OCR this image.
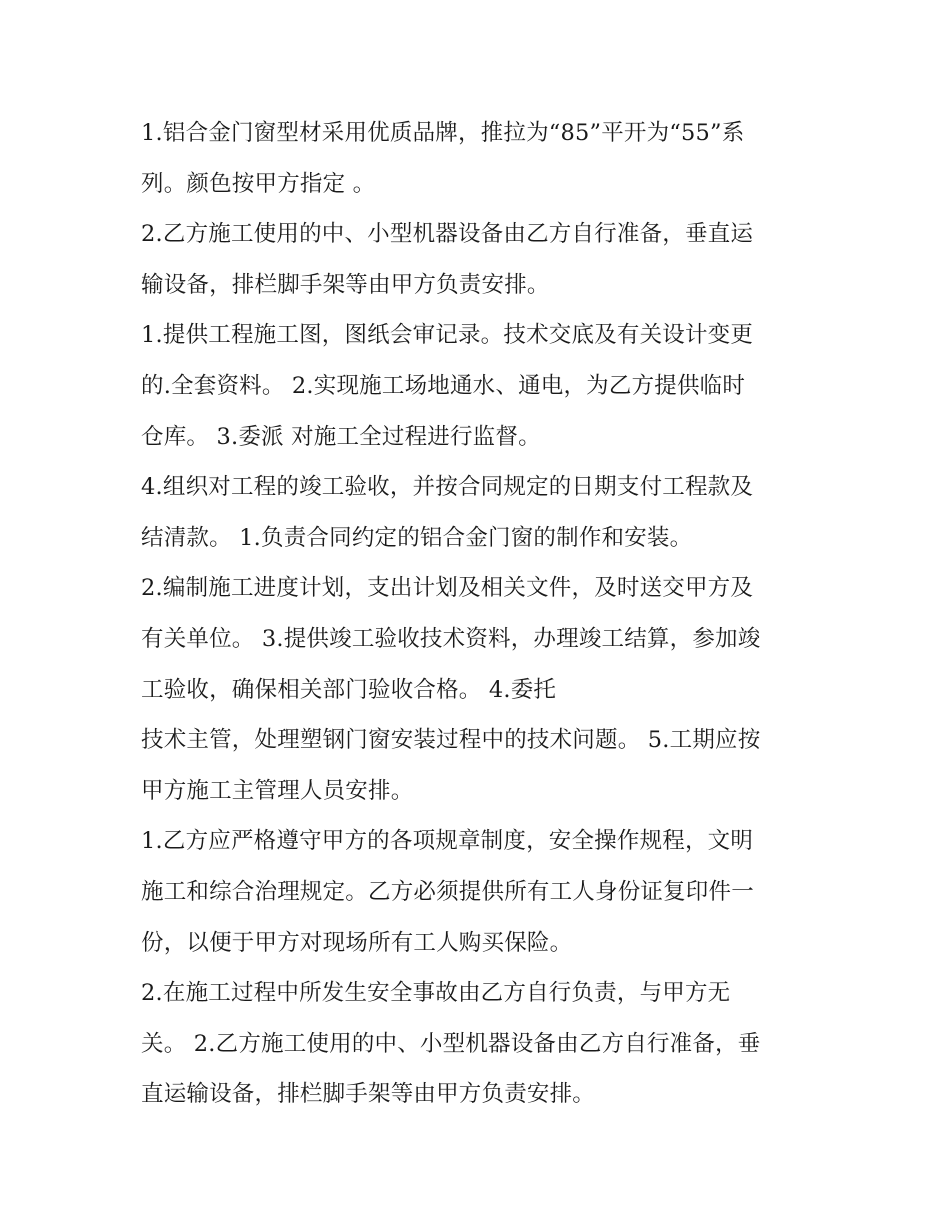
1.铝合金门窗型材采用优质品牌，推拉为“85”平开为“55”系
列。颜色按甲方指定 。
2.乙方施工使用的中、小型机器设备由乙方自行准备，垂直运
输设备，排栏脚手架等由甲方负责安排。
1.提供工程施工图，图纸会审记录。技术交底及有关设计变更
的.全套资料。 2.实现施工场地通水、通电，为乙方提供临时
仓库。 3.委派 对施工全过程进行监督。
4.组织对工程的竣工验收，并按合同规定的日期支付工程款及
结清款。 1.负责合同约定的铝合金门窗的制作和安装。
2.编制施工进度计划，支出计划及相关文件，及时送交甲方及
有关单位。 3.提供竣工验收技术资料，办理竣工结算，参加竣
工验收，确保相关部门验收合格。 4.委托
技术主管，处理塑钢门窗安装过程中的技术问题。 5.工期应按
甲方施工主管理人员安排。
1.乙方应严格遵守甲方的各项规章制度，安全操作规程，文明
施工和综合治理规定。乙方必须提供所有工人身份证复印件一
份，以便于甲方对现场所有工人购买保险。
2.在施工过程中所发生安全事故由乙方自行负责，与甲方无
关。 2.乙方施工使用的中、小型机器设备由乙方自行准备，垂
直运输设备，排栏脚手架等由甲方负责安排。
